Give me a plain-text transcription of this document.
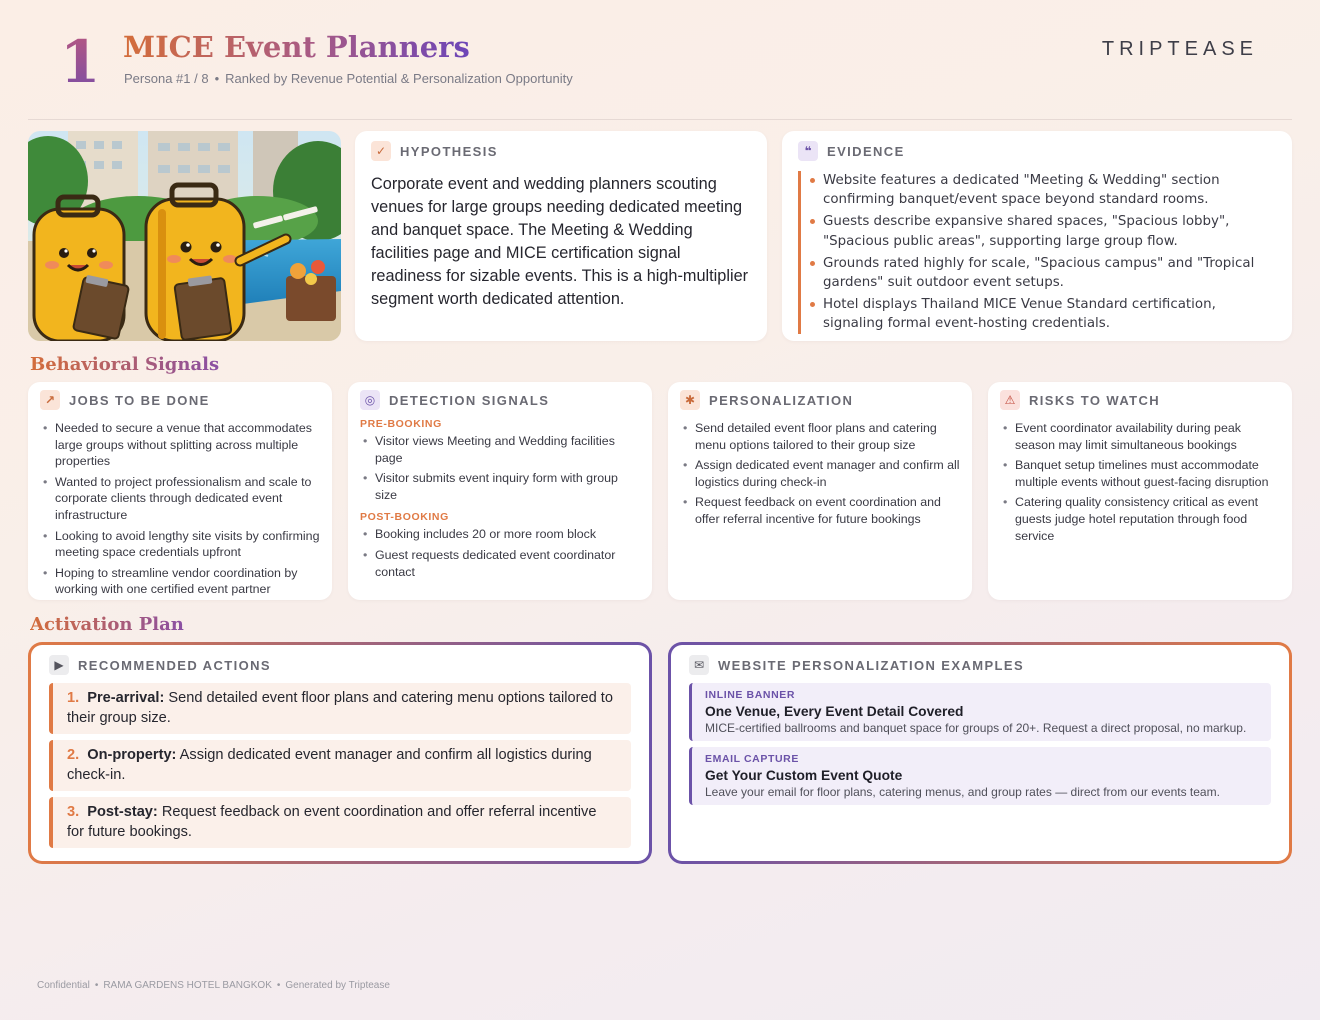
1 MICE Event Planners
Persona #1 / 8 • Ranked by Revenue Potential & Personalization Opportunity
TRIPTEASE
✓	HYPOTHESIS
Corporate event and wedding planners scouting venues for large groups needing dedicated meeting and banquet space. The Meeting & Wedding facilities page and MICE certification signal readiness for sizable events. This is a high-multiplier segment worth dedicated attention.
❝	EVIDENCE
Website features a dedicated "Meeting & Wedding" section confirming banquet/event space beyond standard rooms.
Guests describe expansive shared spaces, "Spacious lobby", "Spacious public areas", supporting large group flow.
Grounds rated highly for scale, "Spacious campus" and "Tropical gardens" suit outdoor event setups.
Hotel displays Thailand MICE Venue Standard certification, signaling formal event-hosting credentials.
Behavioral Signals
↗	JOBS TO BE DONE
• Needed to secure a venue that accommodates large groups without splitting across multiple properties
• Wanted to project professionalism and scale to corporate clients through dedicated event infrastructure
• Looking to avoid lengthy site visits by confirming meeting space credentials upfront
• Hoping to streamline vendor coordination by working with one certified event partner
◎	DETECTION SIGNALS
PRE-BOOKING
• Visitor views Meeting and Wedding facilities page
• Visitor submits event inquiry form with group size
POST-BOOKING
• Booking includes 20 or more room block
• Guest requests dedicated event coordinator contact
✱	PERSONALIZATION
• Send detailed event floor plans and catering menu options tailored to their group size
• Assign dedicated event manager and confirm all logistics during check-in
• Request feedback on event coordination and offer referral incentive for future bookings
⚠	RISKS TO WATCH
• Event coordinator availability during peak season may limit simultaneous bookings
• Banquet setup timelines must accommodate multiple events without guest-facing disruption
• Catering quality consistency critical as event guests judge hotel reputation through food service
Activation Plan
▶	RECOMMENDED ACTIONS
1. Pre-arrival: Send detailed event floor plans and catering menu options tailored to their group size.
2. On-property: Assign dedicated event manager and confirm all logistics during check-in.
3. Post-stay: Request feedback on event coordination and offer referral incentive for future bookings.
✉	WEBSITE PERSONALIZATION EXAMPLES
INLINE BANNER
One Venue, Every Event Detail Covered
MICE-certified ballrooms and banquet space for groups of 20+. Request a direct proposal, no markup.
EMAIL CAPTURE
Get Your Custom Event Quote
Leave your email for floor plans, catering menus, and group rates — direct from our events team.
Confidential • RAMA GARDENS HOTEL BANGKOK • Generated by Triptease
